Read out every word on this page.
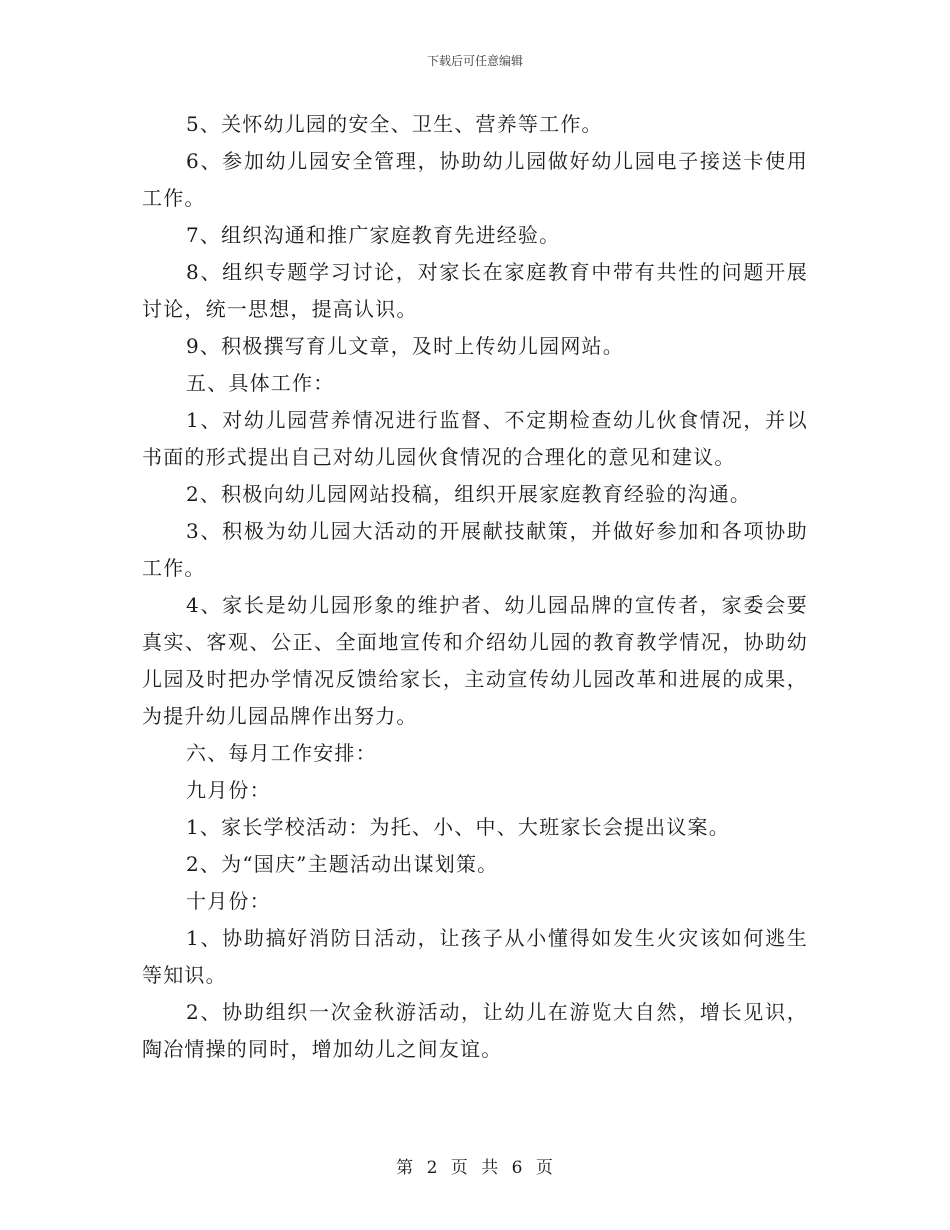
下载后可任意编辑

5、关怀幼儿园的安全、卫生、营养等工作。

6、参加幼儿园安全管理，协助幼儿园做好幼儿园电子接送卡使用工作。

7、组织沟通和推广家庭教育先进经验。

8、组织专题学习讨论，对家长在家庭教育中带有共性的问题开展讨论，统一思想，提高认识。

9、积极撰写育儿文章，及时上传幼儿园网站。

五、具体工作：

1、对幼儿园营养情况进行监督、不定期检查幼儿伙食情况，并以书面的形式提出自己对幼儿园伙食情况的合理化的意见和建议。

2、积极向幼儿园网站投稿，组织开展家庭教育经验的沟通。

3、积极为幼儿园大活动的开展献技献策，并做好参加和各项协助工作。

4、家长是幼儿园形象的维护者、幼儿园品牌的宣传者，家委会要真实、客观、公正、全面地宣传和介绍幼儿园的教育教学情况，协助幼儿园及时把办学情况反馈给家长，主动宣传幼儿园改革和进展的成果，为提升幼儿园品牌作出努力。

六、每月工作安排：

九月份：

1、家长学校活动：为托、小、中、大班家长会提出议案。

2、为“国庆”主题活动出谋划策。

十月份：

1、协助搞好消防日活动，让孩子从小懂得如发生火灾该如何逃生等知识。

2、协助组织一次金秋游活动，让幼儿在游览大自然，增长见识，陶冶情操的同时，增加幼儿之间友谊。

第 2 页 共 6 页
